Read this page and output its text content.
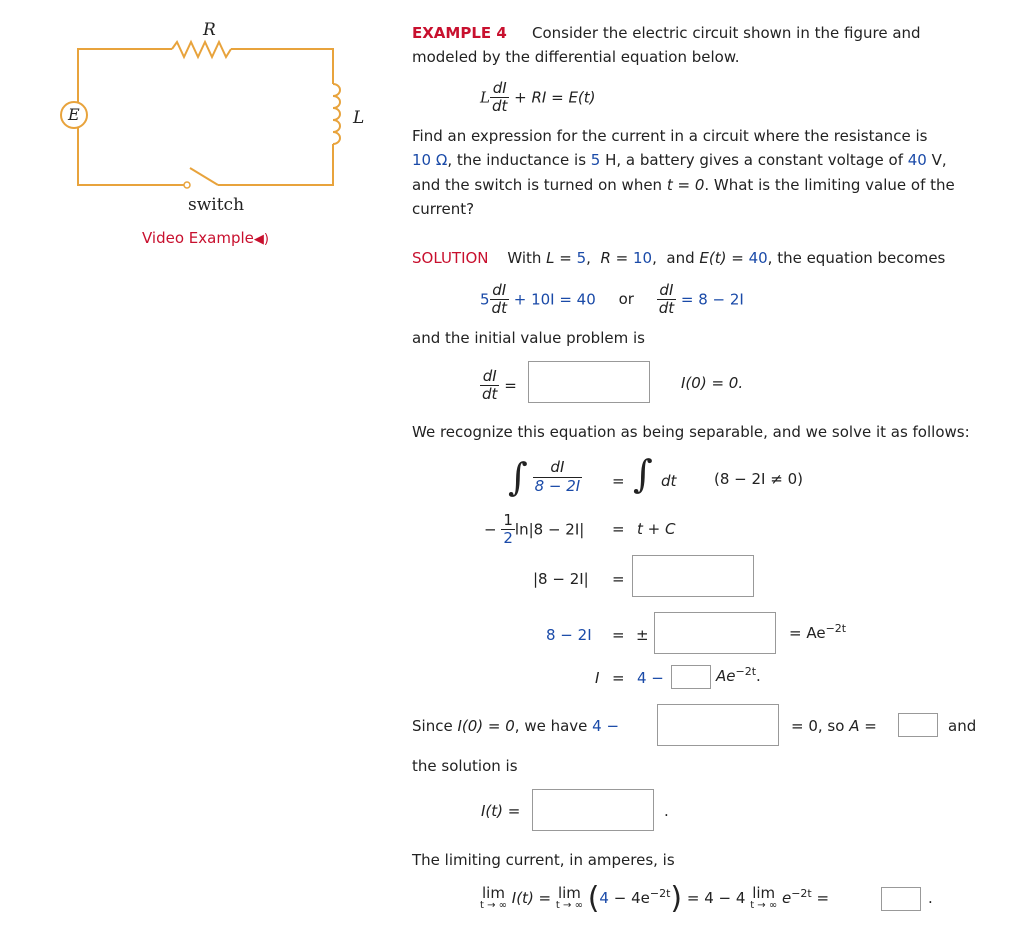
R
L
E
switch
Video Example◀︎)
EXAMPLE 4 Consider the electric circuit shown in the figure and
modeled by the differential equation below.
L $\frac{dI}{dt}$ + RI = E(t)
Find an expression for the current in a circuit where the resistance is
10 Ω, the inductance is 5 H, a battery gives a constant voltage of 40 V,
and the switch is turned on when t = 0. What is the limiting value of the
current?
SOLUTION With L = 5,  R = 10,  and E(t) = 40, the equation becomes
$5 \frac{dI}{dt} + 10I = 40$ or $\frac{dI}{dt} = 8 - 2I$
and the initial value problem is
$\frac{dI}{dt}$ =	I(0) = 0.
We recognize this equation as being separable, and we solve it as follows:
∫ $\frac{dI}{8 - 2I}$ = ∫ dt	(8 − 2I ≠ 0)
− $\frac{1}{2} \ln|8 - 2I| = t + C$
|8 − 2I| =
8 − 2I = ±	= $Ae^{-2t}$
I = 4 −	$Ae^{-2t}$.
Since I(0) = 0, we have 4 −	= 0, so A =	and
the solution is
I(t) =	.
The limiting current, in amperes, is
lim
t → ∞ I(t) = lim
t → ∞ $(4 - 4e^{-2t}) = 4 - 4$ lim
t → ∞ $e^{-2t}$ =	.
